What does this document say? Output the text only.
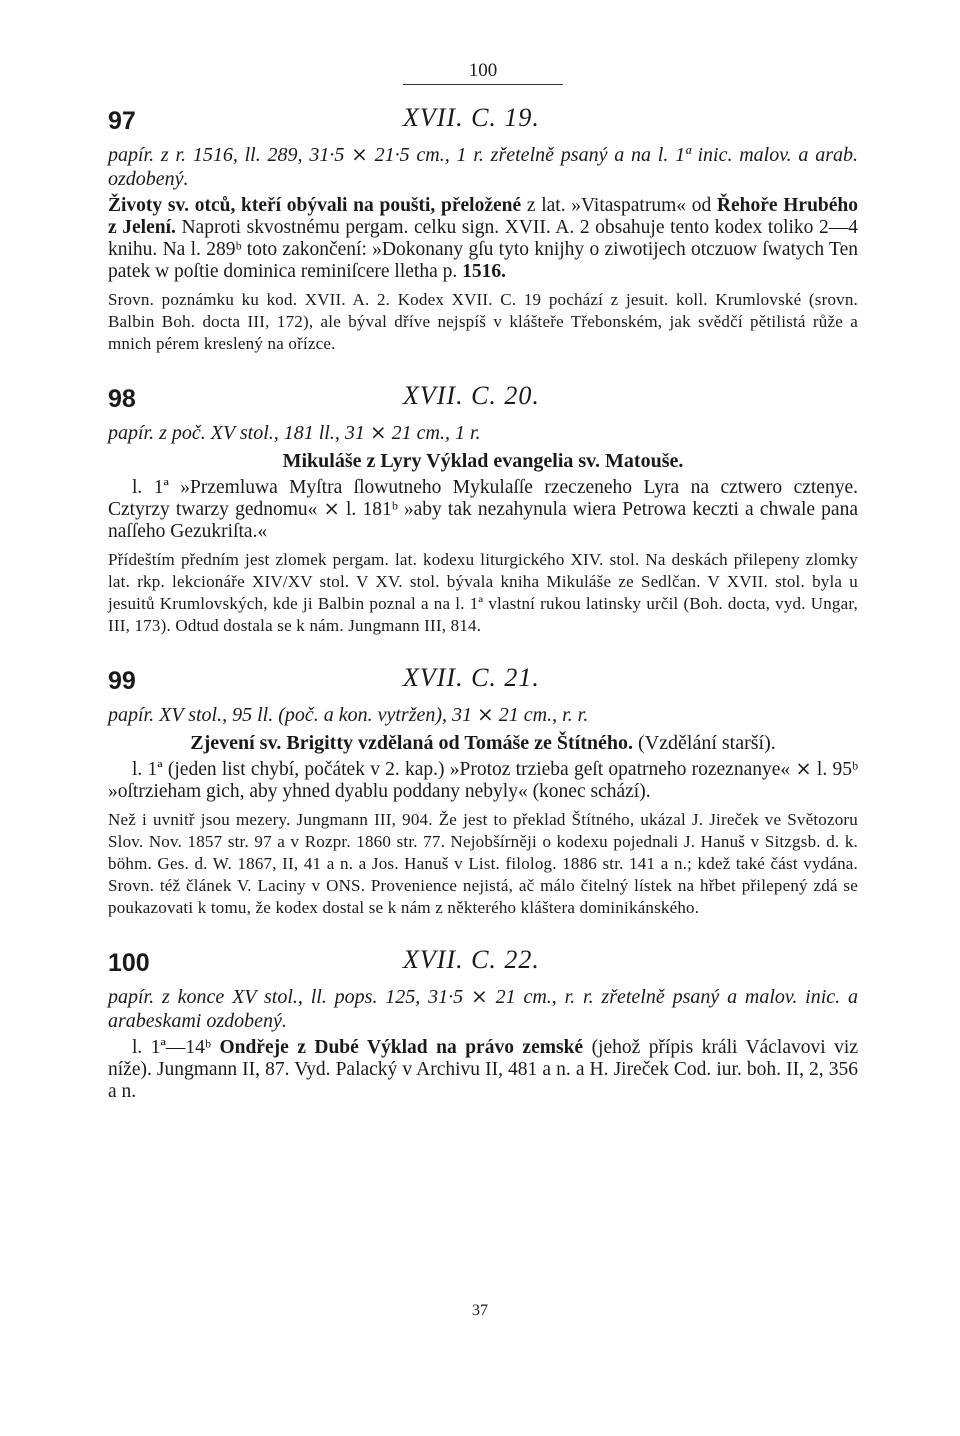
100
97	XVII. C. 19.

papír. z r. 1516, ll. 289, 31·5 ⨯ 21·5 cm., 1 r. zřetelně psaný a na l. 1ª inic. malov. a arab. ozdobený.

Životy sv. otců, kteří obývali na poušti, přeložené z lat. »Vitaspatrum« od Řehoře Hrubého z Jelení. Naproti skvostnému pergam. celku sign. XVII. A. 2 obsahuje tento kodex toliko 2—4 knihu. Na l. 289ᵇ toto zakončení: »Dokonany gſu tyto knijhy o ziwotijech otczuow ſwatych Ten patek w poſtie dominica reminiſcere lletha p. 1516.

Srovn. poznámku ku kod. XVII. A. 2. Kodex XVII. C. 19 pochází z jesuit. koll. Krumlovské (srovn. Balbin Boh. docta III, 172), ale býval dříve nejspíš v klášteře Třebonském, jak svědčí pětilistá růže a mnich pérem kreslený na ořízce.

98	XVII. C. 20.

papír. z poč. XV stol., 181 ll., 31 ⨯ 21 cm., 1 r.

Mikuláše z Lyry Výklad evangelia sv. Matouše.

l. 1ª »Przemluwa Myſtra ſlowutneho Mykulaſſe rzeczeneho Lyra na cztwero cztenye. Cztyrzy twarzy gednomu« ⨯ l. 181ᵇ »aby tak nezahynula wiera Petrowa keczti a chwale pana naſſeho Gezukriſta.«

Přídeštím předním jest zlomek pergam. lat. kodexu liturgického XIV. stol. Na deskách přilepeny zlomky lat. rkp. lekcionáře XIV/XV stol. V XV. stol. bývala kniha Mikuláše ze Sedlčan. V XVII. stol. byla u jesuitů Krumlovských, kde ji Balbin poznal a na l. 1ª vlastní rukou latinsky určil (Boh. docta, vyd. Ungar, III, 173). Odtud dostala se k nám. Jungmann III, 814.

99	XVII. C. 21.

papír. XV stol., 95 ll. (poč. a kon. vytržen), 31 ⨯ 21 cm., r. r.

Zjevení sv. Brigitty vzdělaná od Tomáše ze Štítného. (Vzdělání starší).

l. 1ª (jeden list chybí, počátek v 2. kap.) »Protoz trzieba geſt opatrneho rozeznanye« ⨯ l. 95ᵇ »oſtrzieham gich, aby yhned dyablu poddany nebyly« (konec schází).

Než i uvnitř jsou mezery. Jungmann III, 904. Že jest to překlad Štítného, ukázal J. Jireček ve Světozoru Slov. Nov. 1857 str. 97 a v Rozpr. 1860 str. 77. Nejobšírněji o kodexu pojednali J. Hanuš v Sitzgsb. d. k. böhm. Ges. d. W. 1867, II, 41 a n. a Jos. Hanuš v List. filolog. 1886 str. 141 a n.; kdež také část vydána. Srovn. též článek V. Laciny v ONS. Provenience nejistá, ač málo čitelný lístek na hřbet přilepený zdá se poukazovati k tomu, že kodex dostal se k nám z některého kláštera dominikánského.

100	XVII. C. 22.

papír. z konce XV stol., ll. pops. 125, 31·5 ⨯ 21 cm., r. r. zřetelně psaný a malov. inic. a arabeskami ozdobený.

l. 1ª—14ᵇ Ondřeje z Dubé Výklad na právo zemské (jehož přípis králi Václavovi viz níže). Jungmann II, 87. Vyd. Palacký v Archivu II, 481 a n. a H. Jireček Cod. iur. boh. II, 2, 356 a n.

37
